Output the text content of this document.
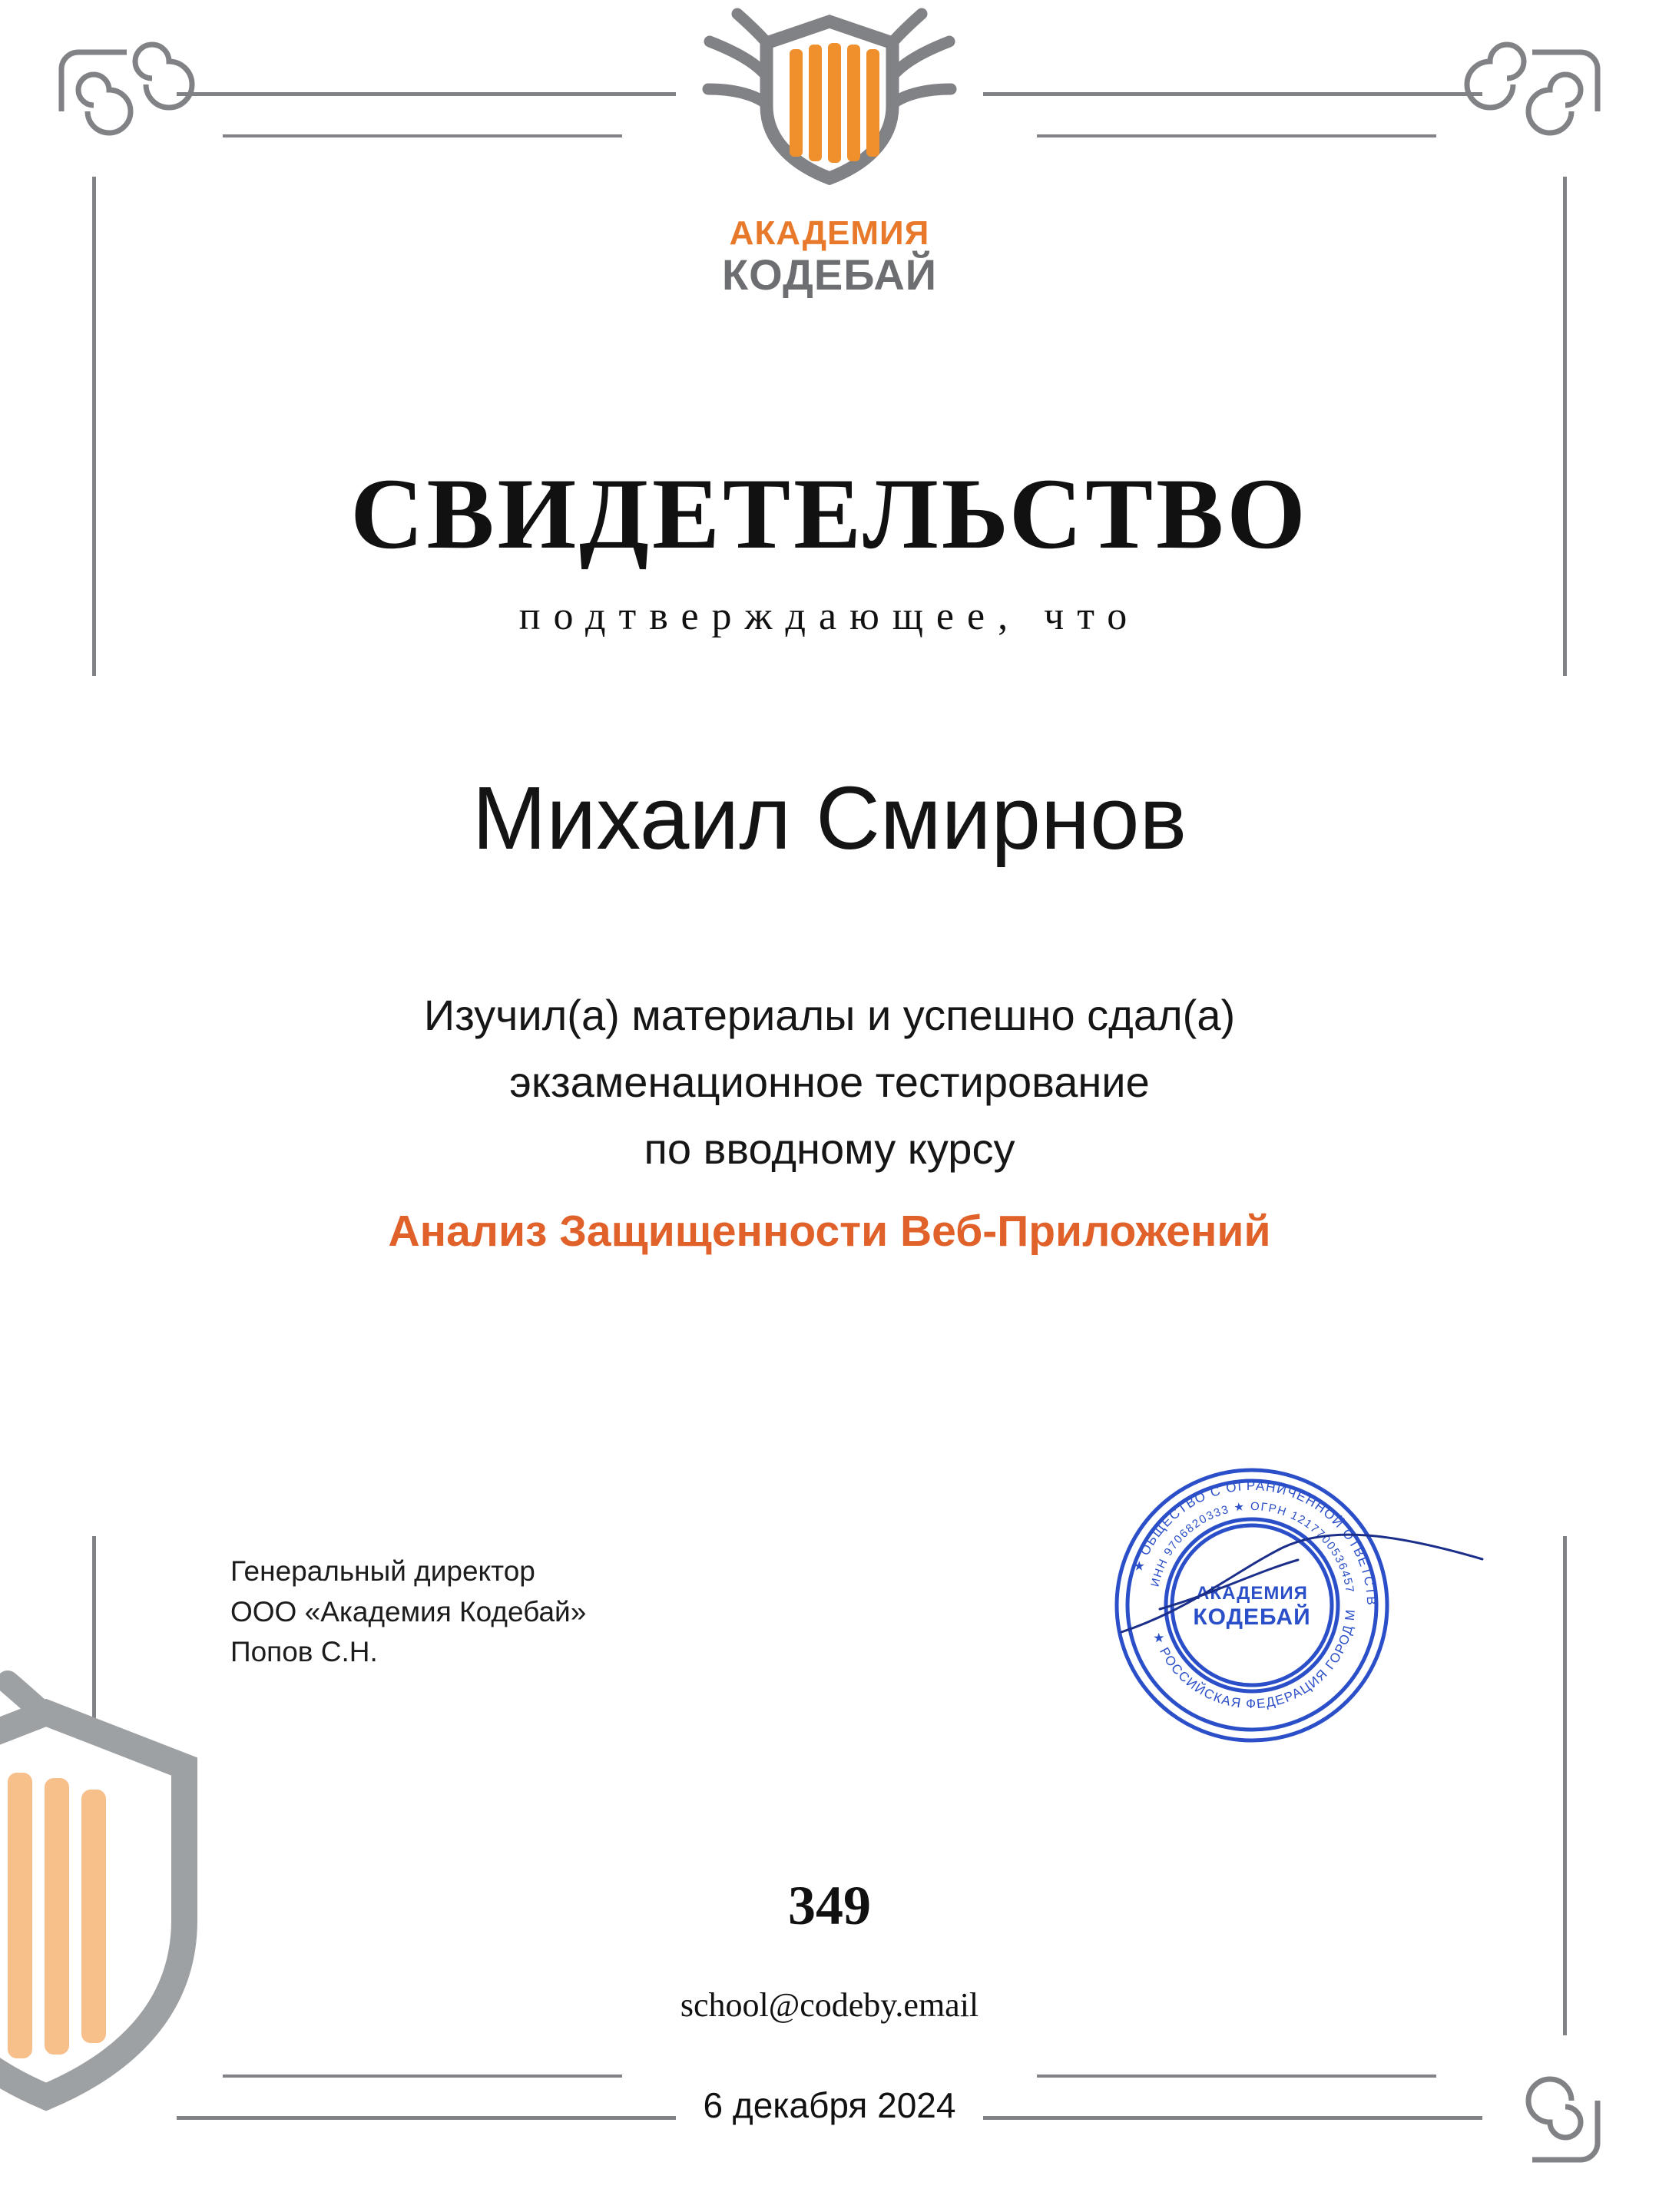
АКАДЕМИЯ
КОДЕБАЙ
СВИДЕТЕЛЬСТВО
подтверждающее, что
Михаил Смирнов

Изучил(а) материалы и успешно сдал(а)

экзаменационное тестирование

по вводному курсу

Анализ Защищенности Веб-Приложений

Генеральный директор
ООО «Академия Кодебай»
Попов С.Н.
★ ОБЩЕСТВО С ОГРАНИЧЕННОЙ ОТВЕТСТВ
★ РОССИЙСКАЯ ФЕДЕРАЦИЯ ГОРОД М
ИНН 9706820333 ★ ОГРН 1217700536457
АКАДЕМИЯ
КОДЕБАЙ
349
school@codeby.email
6 декабря 2024
